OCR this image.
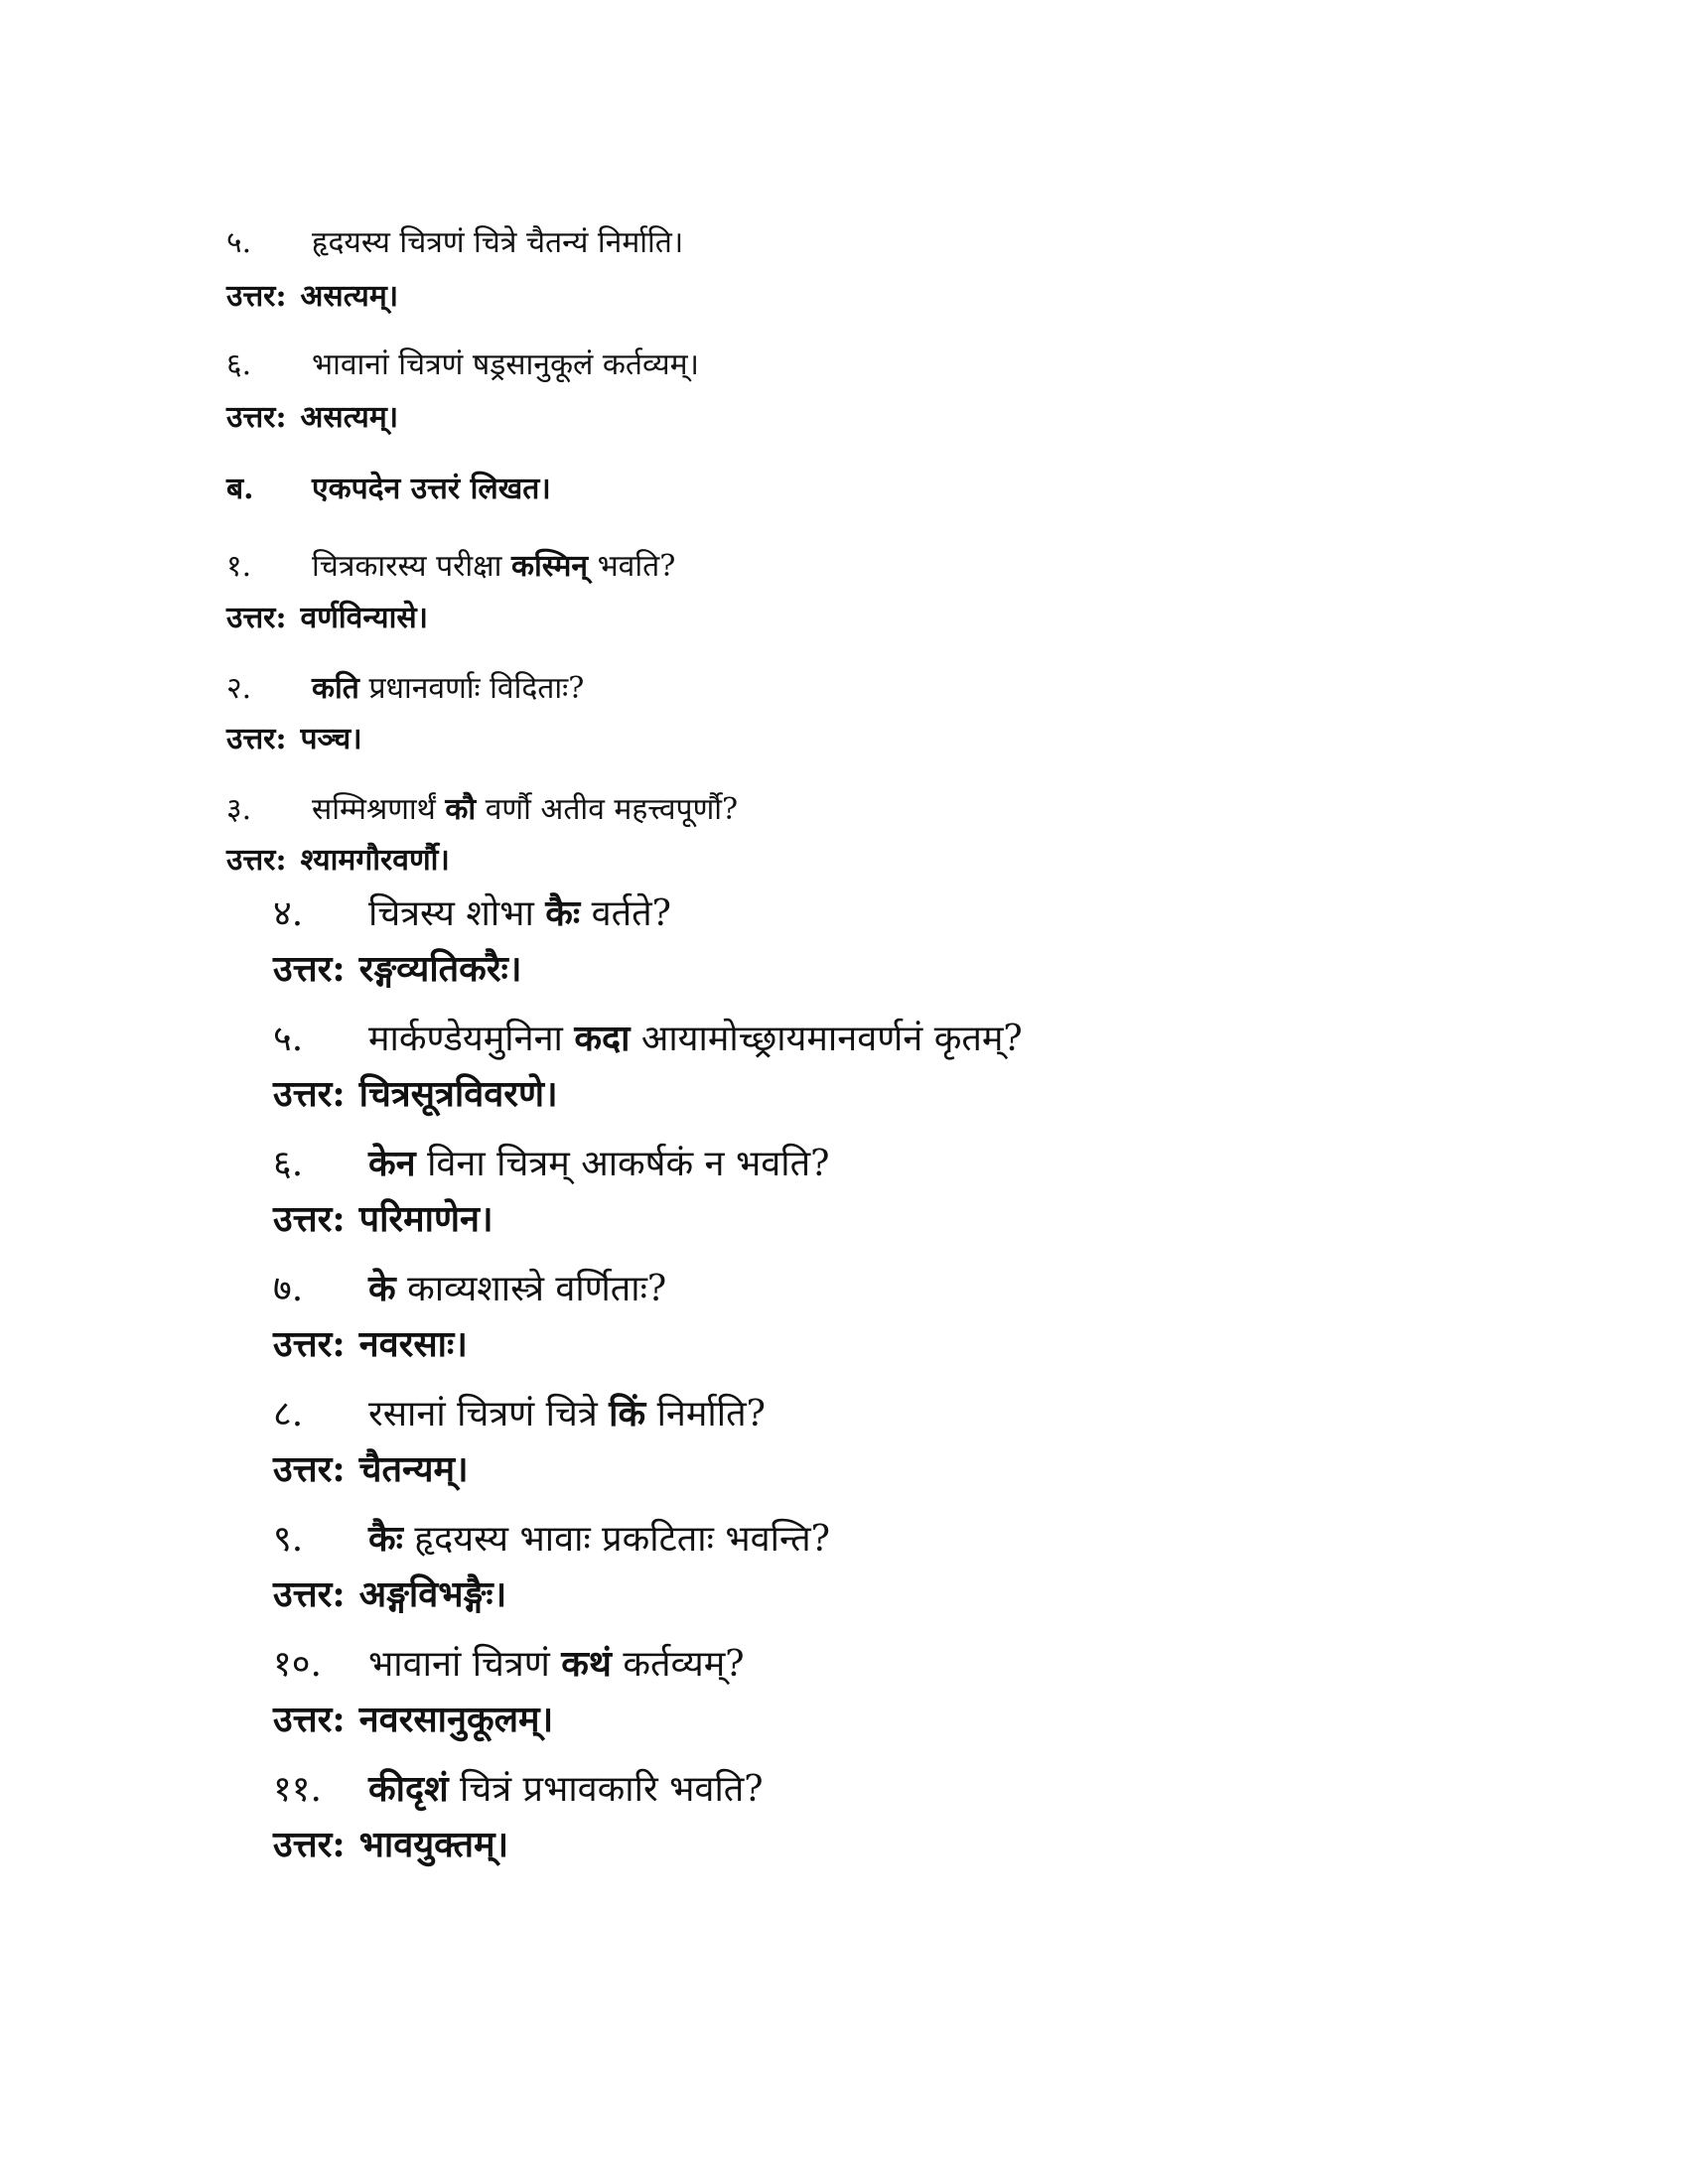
५.	हृदयस्य चित्रणं चित्रे चैतन्यं निर्माति।
उत्तर: असत्यम्।
६.	भावानां चित्रणं षड्रसानुकूलं कर्तव्यम्।
उत्तर: असत्यम्।
ब.	एकपदेन उत्तरं लिखत।
१.	चित्रकारस्य परीक्षा कस्मिन् भवति?
उत्तर: वर्णविन्यासे।
२.	कति प्रधानवर्णाः विदिताः?
उत्तर: पञ्च।
३.	सम्मिश्रणार्थं कौ वर्णौ अतीव महत्त्वपूर्णौ?
उत्तर: श्यामगौरवर्णौ।
४.	चित्रस्य शोभा कैः वर्तते?
उत्तर: रङ्गव्यतिकरैः।
५.	मार्कण्डेयमुनिना कदा आयामोच्छ्रायमानवर्णनं कृतम्?
उत्तर: चित्रसूत्रविवरणे।
६.	केन विना चित्रम् आकर्षकं न भवति?
उत्तर: परिमाणेन।
७.	के काव्यशास्त्रे वर्णिताः?
उत्तर: नवरसाः।
८.	रसानां चित्रणं चित्रे किं निर्माति?
उत्तर: चैतन्यम्।
९.	कैः हृदयस्य भावाः प्रकटिताः भवन्ति?
उत्तर: अङ्गविभङ्गैः।
१०.	भावानां चित्रणं कथं कर्तव्यम्?
उत्तर: नवरसानुकूलम्।
११.	कीदृशं चित्रं प्रभावकारि भवति?
उत्तर: भावयुक्तम्।
